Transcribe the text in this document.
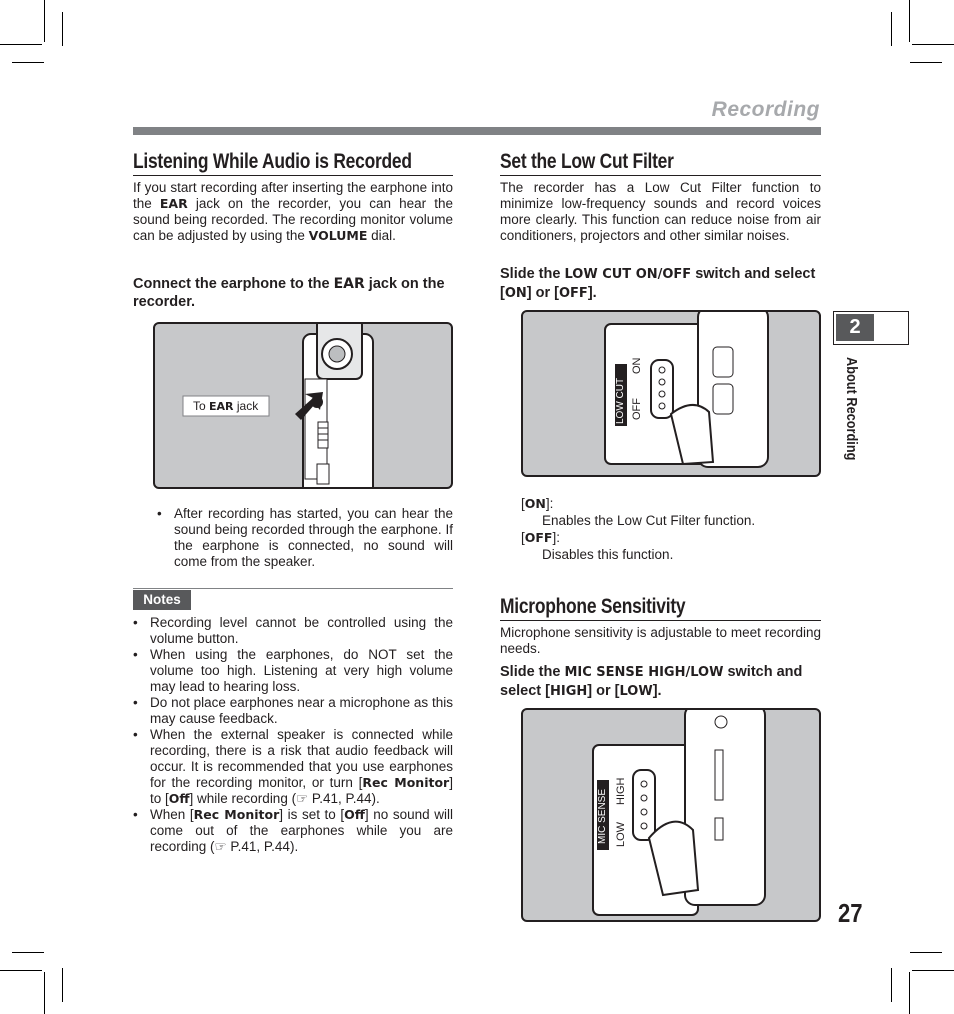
Recording
2
About Recording
27
Listening While Audio is Recorded
If you start recording after inserting the earphone into the EAR jack on the recorder, you can hear the sound being recorded. The recording monitor volume can be adjusted by using the VOLUME dial.
Connect the earphone to the EAR jack on the recorder.
To EAR jack
• After recording has started, you can hear the sound being recorded through the earphone. If the earphone is connected, no sound will come from the speaker.
Notes
• Recording level cannot be controlled using the volume button.
• When using the earphones, do NOT set the volume too high. Listening at very high volume may lead to hearing loss.
• Do not place earphones near a microphone as this may cause feedback.
• When the external speaker is connected while recording, there is a risk that audio feedback will occur. It is recommended that you use earphones for the recording monitor, or turn [Rec Monitor] to [Off] while recording (☞ P.41, P.44).
• When [Rec Monitor] is set to [Off] no sound will come out of the earphones while you are recording (☞ P.41, P.44).
Set the Low Cut Filter
The recorder has a Low Cut Filter function to minimize low-frequency sounds and record voices more clearly. This function can reduce noise from air conditioners, projectors and other similar noises.
Slide the LOW CUT ON/OFF switch and select [ON] or [OFF].
LOW CUT OFF
ON
[ON]:
Enables the Low Cut Filter function.
[OFF]:
Disables this function.
Microphone Sensitivity
Microphone sensitivity is adjustable to meet recording needs.
Slide the MIC SENSE HIGH/LOW switch and select [HIGH] or [LOW].
MIC SENSE LOW
HIGH
